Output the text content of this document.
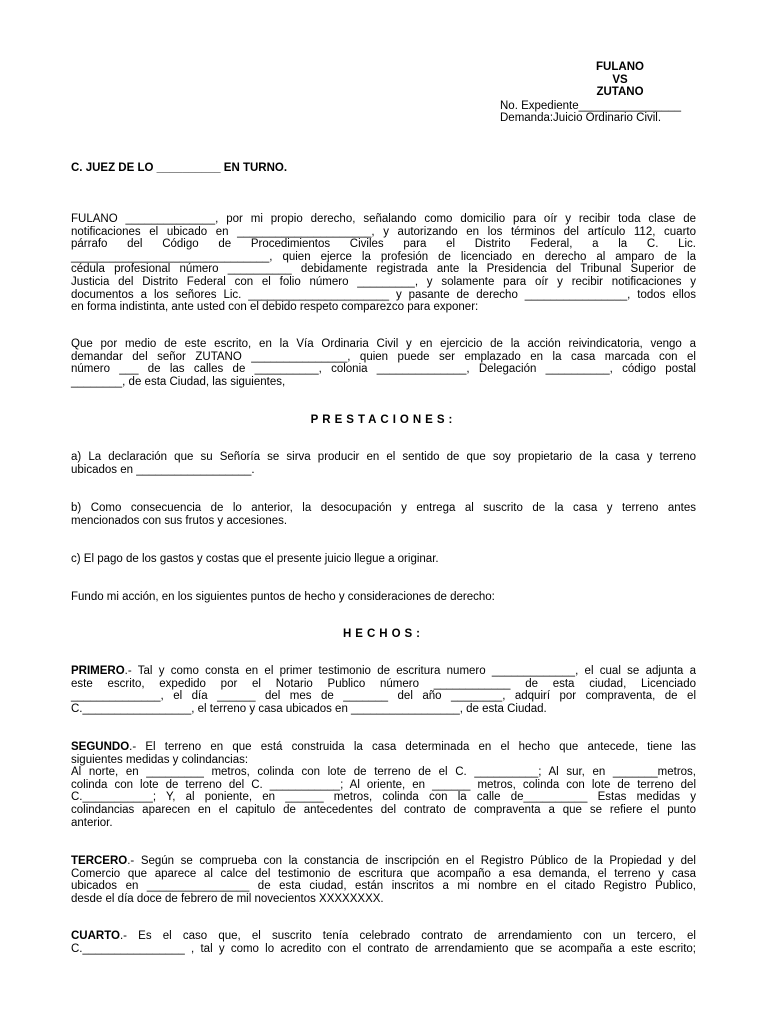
FULANO
VS
ZUTANO
No. Expediente________________
Demanda:Juicio Ordinario Civil.
C. JUEZ DE LO __________ EN TURNO.
FULANO ______________, por mi propio derecho, señalando como domicilio para oír y recibir toda clase de
notificaciones el ubicado en _____________________, y autorizando en los términos del artículo 112, cuarto
párrafo del Código de Procedimientos Civiles para el Distrito Federal, a la C. Lic.
_______________________________, quien ejerce la profesión de licenciado en derecho al amparo de la
cédula profesional número __________ debidamente registrada ante la Presidencia del Tribunal Superior de
Justicia del Distrito Federal con el folio número _________, y solamente para oír y recibir notificaciones y
documentos a los señores Lic. ______________________ y pasante de derecho ________________, todos ellos
en forma indistinta, ante usted con el debido respeto comparezco para exponer:
Que por medio de este escrito, en la Vía Ordinaria Civil y en ejercicio de la acción reivindicatoria, vengo a
demandar del señor ZUTANO _______________, quien puede ser emplazado en la casa marcada con el
número ___ de las calles de __________, colonia ______________, Delegación __________, código postal
________, de esta Ciudad, las siguientes,
PRESTACIONES:
a) La declaración que su Señoría se sirva producir en el sentido de que soy propietario de la casa y terreno
ubicados en __________________.
b) Como consecuencia de lo anterior, la desocupación y entrega al suscrito de la casa y terreno antes
mencionados con sus frutos y accesiones.
c) El pago de los gastos y costas que el presente juicio llegue a originar.
Fundo mi acción, en los siguientes puntos de hecho y consideraciones de derecho:
HECHOS:
PRIMERO.- Tal y como consta en el primer testimonio de escritura numero _____________, el cual se adjunta a
este escrito, expedido por el Notario Publico número ____________ de esta ciudad, Licenciado
______________, el día ______ del mes de _______ del año ________, adquirí por compraventa, de el
C._________________, el terreno y casa ubicados en _________________, de esta Ciudad.
SEGUNDO.- El terreno en que está construida la casa determinada en el hecho que antecede, tiene las
siguientes medidas y colindancias:
Al norte, en _________ metros, colinda con lote de terreno de el C. __________; Al sur, en _______metros,
colinda con lote de terreno del C. ___________; Al oriente, en ______ metros, colinda con lote de terreno del
C.___________; Y, al poniente, en ______ metros, colinda con la calle de__________ Estas medidas y
colindancias aparecen en el capitulo de antecedentes del contrato de compraventa a que se refiere el punto
anterior.
TERCERO.- Según se comprueba con la constancia de inscripción en el Registro Público de la Propiedad y del
Comercio que aparece al calce del testimonio de escritura que acompaño a esa demanda, el terreno y casa
ubicados en ________________ de esta ciudad, están inscritos a mi nombre en el citado Registro Publico,
desde el día doce de febrero de mil novecientos XXXXXXXX.
CUARTO.- Es el caso que, el suscrito tenía celebrado contrato de arrendamiento con un tercero, el
C.________________ , tal y como lo acredito con el contrato de arrendamiento que se acompaña a este escrito;
